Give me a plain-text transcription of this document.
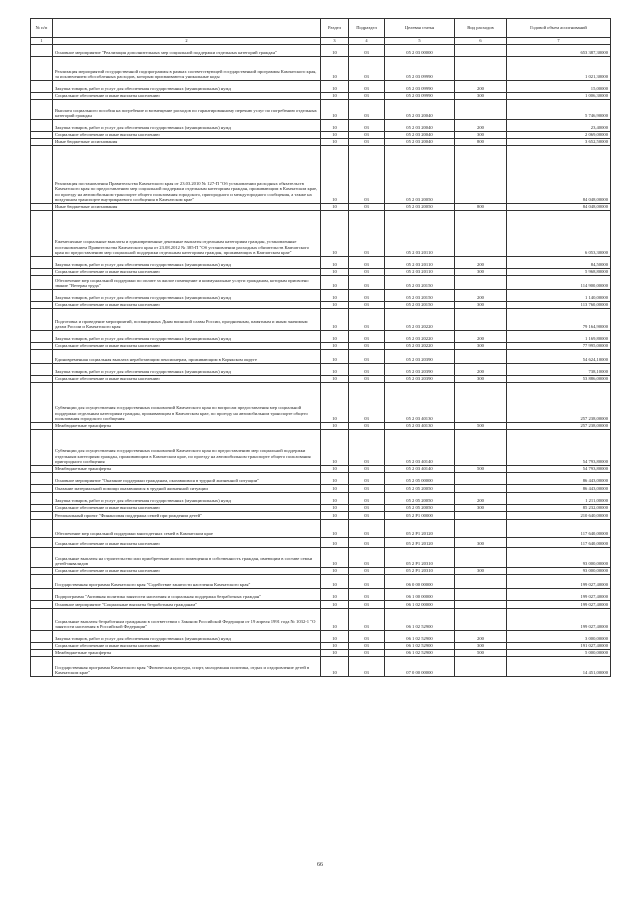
№ п/п		Раздел	Подраздел	Целевая статья	Вид расходов	Годовой объем ассигнований
1	2	3	4	5	6	7
	Основное мероприятие "Реализация дополнительных мер социальной поддержки отдельных категорий граждан"	10	03	05 2 03 00000		653 387,30000
	Реализация мероприятий государственной подпрограммы в рамках соответствующей государственной программы Камчатского края, за исключением обособленных расходов, которым присваиваются уникальные коды	10	03	05 2 03 09990		1 021,30000
	Закупка товаров, работ и услуг для обеспечения государственных (муниципальных) нужд	10	03	05 2 03 09990	200	15,00000
	Социальное обеспечение и иные выплаты населению	10	03	05 2 03 09990	300	1 006,30000
	Выплата социального пособия на погребение и возмещение расходов по гарантированному перечню услуг по погребению отдельных категорий граждан	10	03	05 2 03 20040		5 746,90000
	Закупка товаров, работ и услуг для обеспечения государственных (муниципальных) нужд	10	03	05 2 03 20040	200	23,40000
	Социальное обеспечение и иные выплаты населению	10	03	05 2 03 20040	300	2 069,00000
	Иные бюджетные ассигнования	10	03	05 2 03 20040	800	3 652,50000
	Реализация постановления Правительства Камчатского края от 23.03.2010 № 127-П "Об установлении расходных обязательств Камчатского края по предоставлению мер социальной поддержки отдельным категориям граждан, проживающим в Камчатском крае, по проезду на автомобильном транспорте общего пользования городского, пригородного и междугородного сообщения, а также на воздушном транспорте внутрикраевого сообщения в Камчатском крае"	10	03	05 2 03 20050		84 048,00000
	Иные бюджетные ассигнования	10	03	05 2 03 20050	800	84 048,00000
	Ежемесячные социальные выплаты и единовременные денежные выплаты отдельным категориям граждан, установленные постановлением Правительства Камчатского края от 23.08.2012 № 385-П "Об установлении расходных обязательств Камчатского края по предоставлению мер социальной поддержки отдельным категориям граждан, проживающих в Камчатском крае"	10	03	05 2 03 20110		6 053,30000
	Закупка товаров, работ и услуг для обеспечения государственных (муниципальных) нужд	10	03	05 2 03 20110	200	84,50000
	Социальное обеспечение и иные выплаты населению	10	03	05 2 03 20110	300	5 968,80000
	Обеспечение мер социальной поддержки по оплате за жилое помещение и коммунальные услуги гражданам, которым присвоено звание "Ветеран труда"	10	03	05 2 03 20150		114 900,00000
	Закупка товаров, работ и услуг для обеспечения государственных (муниципальных) нужд	10	03	05 2 03 20150	200	1 140,00000
	Социальное обеспечение и иные выплаты населению	10	03	05 2 03 20150	300	113 760,00000
	Подготовка и проведение мероприятий, посвященных Дням воинской славы России, праздничным, памятным и иным значимым датам России и Камчатского края	10	03	05 2 03 20220		79 164,90000
	Закупка товаров, работ и услуг для обеспечения государственных (муниципальных) нужд	10	03	05 2 03 20220	200	1 169,80000
	Социальное обеспечение и иные выплаты населению	10	03	05 2 03 20220	300	77 995,00000
	Единовременная социальная выплата неработающим пенсионерам, проживающим в Корякском округе	10	03	05 2 03 20390		54 624,10000
	Закупка товаров, работ и услуг для обеспечения государственных (муниципальных) нужд	10	03	05 2 03 20390	200	738,10000
	Социальное обеспечение и иные выплаты населению	10	03	05 2 03 20390	300	53 886,00000
	Субвенции для осуществления государственных полномочий Камчатского края по вопросам предоставления мер социальной поддержки отдельным категориям граждан, проживающим в Камчатском крае, по проезду на автомобильном транспорте общего пользования городского сообщения	10	03	05 2 03 40130		257 238,00000
	Межбюджетные трансферты	10	03	05 2 03 40130	500	257 238,00000
	Субвенции для осуществления государственных полномочий Камчатского края по предоставлению мер социальной поддержки отдельным категориям граждан, проживающим в Камчатском крае, по проезду на автомобильном транспорте общего пользования пригородного сообщения	10	03	05 2 03 40140		54 793,80000
	Межбюджетные трансферты	10	03	05 2 03 40140	500	54 793,80000
	Основное мероприятие "Оказание поддержки гражданам, оказавшимся в трудной жизненной ситуации"	10	03	05 2 05 00000		86 443,00000
	Оказание материальной помощи оказавшимся в трудной жизненной ситуации	10	03	05 2 05 20050		86 443,00000
	Закупка товаров, работ и услуг для обеспечения государственных (муниципальных) нужд	10	03	05 2 05 20050	200	1 211,00000
	Социальное обеспечение и иные выплаты населению	10	03	05 2 05 20050	300	85 232,00000
	Региональный проект "Финансовая поддержка семей при рождении детей"	10	03	05 2 P1 00000		210 640,00000
	Обеспечение мер социальной поддержки многодетных семей в Камчатском крае	10	03	05 2 P1 20120		117 640,00000
	Социальное обеспечение и иные выплаты населению	10	03	05 2 P1 20120	300	117 640,00000
	Социальные выплаты на строительство или приобретение жилого помещения в собственность граждан, имеющим в составе семьи детей-инвалидов	10	03	05 2 P1 20310		93 000,00000
	Социальное обеспечение и иные выплаты населению	10	03	05 2 P1 20310	300	93 000,00000
	Государственная программа Камчатского края "Содействие занятости населения Камчатского края"	10	03	06 0 00 00000		199 027,40000
	Подпрограмма "Активная политика занятости населения и социальная поддержка безработных граждан"	10	03	06 1 00 00000		199 027,40000
	Основное мероприятие "Социальные выплаты безработным гражданам"	10	03	06 1 02 00000		199 027,40000
	Социальные выплаты безработным гражданам в соответствии с Законом Российской Федерации от 19 апреля 1991 года № 1032-1 "О занятости населения в Российской Федерации"	10	03	06 1 02 52900		199 027,40000
	Закупка товаров, работ и услуг для обеспечения государственных (муниципальных) нужд	10	03	06 1 02 52900	200	3 000,00000
	Социальное обеспечение и иные выплаты населению	10	03	06 1 02 52900	300	191 027,40000
	Межбюджетные трансферты	10	03	06 1 02 52900	500	5 000,00000
	Государственная программа Камчатского края "Физическая культура, спорт, молодежная политика, отдых и оздоровление детей в Камчатском крае"	10	03	07 0 00 00000		14 451,00000
66
